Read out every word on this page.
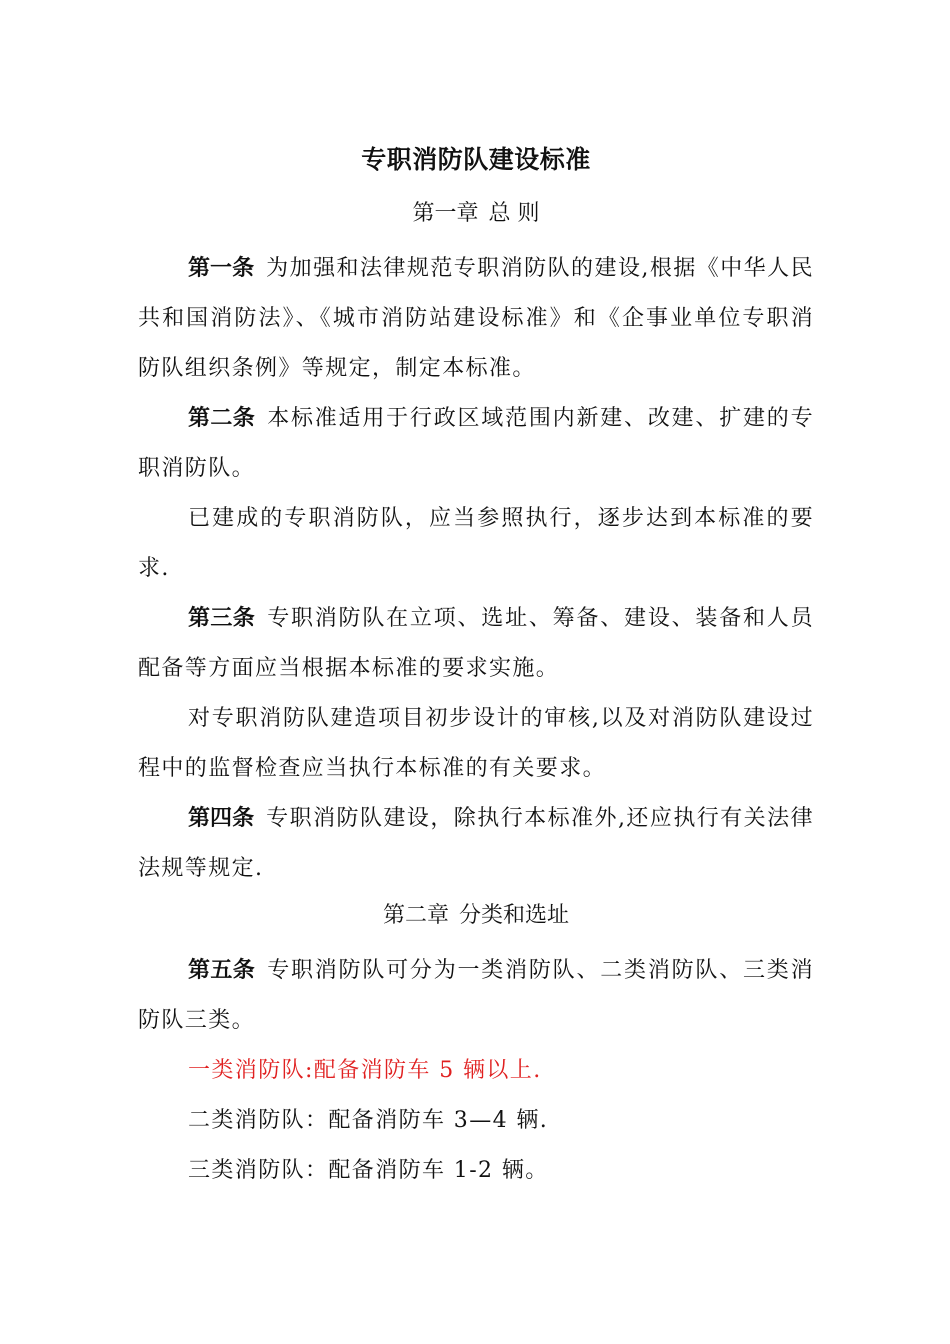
专职消防队建设标准
第一章 总 则

第一条 为加强和法律规范专职消防队的建设,根据《中华人民共和国消防法》、《城市消防站建设标准》和《企事业单位专职消防队组织条例》等规定，制定本标准。

第二条 本标准适用于行政区域范围内新建、改建、扩建的专职消防队。

已建成的专职消防队，应当参照执行，逐步达到本标准的要求.

第三条 专职消防队在立项、选址、筹备、建设、装备和人员配备等方面应当根据本标准的要求实施。

对专职消防队建造项目初步设计的审核,以及对消防队建设过程中的监督检查应当执行本标准的有关要求。

第四条 专职消防队建设，除执行本标准外,还应执行有关法律法规等规定.

第二章 分类和选址

第五条 专职消防队可分为一类消防队、二类消防队、三类消防队三类。

一类消防队:配备消防车 5 辆以上.

二类消防队：配备消防车 3—4 辆.

三类消防队：配备消防车 1-2 辆。
